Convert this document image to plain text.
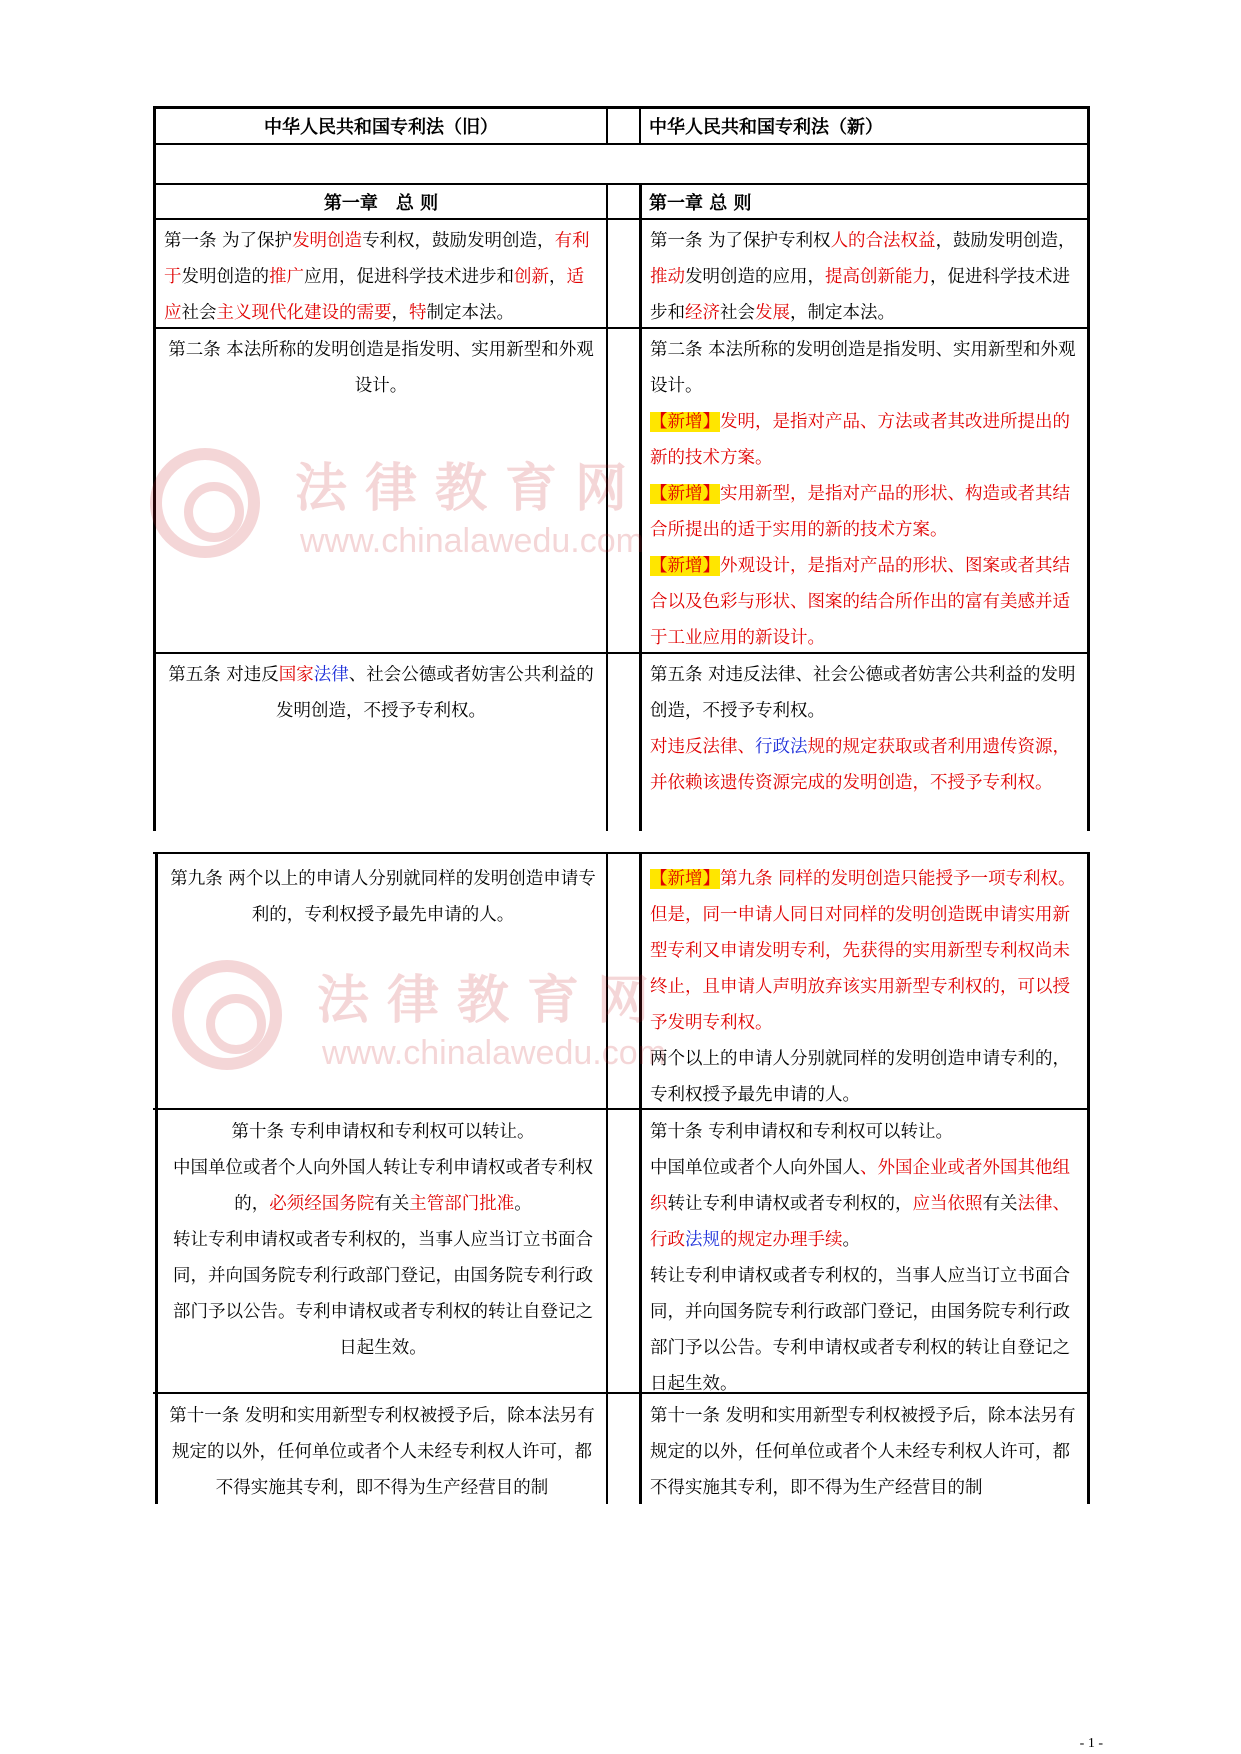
中华人民共和国专利法（旧）	中华人民共和国专利法（新）
第一章　总 则	第一章 总 则
第一条 为了保护发明创造专利权，鼓励发明创造，有利于发明创造的推广应用，促进科学技术进步和创新，适应社会主义现代化建设的需要，特制定本法。
第一条 为了保护专利权人的合法权益，鼓励发明创造，推动发明创造的应用，提高创新能力，促进科学技术进步和经济社会发展，制定本法。
第二条 本法所称的发明创造是指发明、实用新型和外观设计。
第二条 本法所称的发明创造是指发明、实用新型和外观设计。
【新增】发明，是指对产品、方法或者其改进所提出的新的技术方案。
【新增】实用新型，是指对产品的形状、构造或者其结合所提出的适于实用的新的技术方案。
【新增】外观设计，是指对产品的形状、图案或者其结合以及色彩与形状、图案的结合所作出的富有美感并适于工业应用的新设计。
第五条 对违反国家法律、社会公德或者妨害公共利益的发明创造，不授予专利权。
第五条 对违反法律、社会公德或者妨害公共利益的发明创造，不授予专利权。
对违反法律、行政法规的规定获取或者利用遗传资源，并依赖该遗传资源完成的发明创造，不授予专利权。
第九条 两个以上的申请人分别就同样的发明创造申请专利的，专利权授予最先申请的人。
【新增】第九条 同样的发明创造只能授予一项专利权。但是，同一申请人同日对同样的发明创造既申请实用新型专利又申请发明专利，先获得的实用新型专利权尚未终止，且申请人声明放弃该实用新型专利权的，可以授予发明专利权。
两个以上的申请人分别就同样的发明创造申请专利的，专利权授予最先申请的人。
第十条 专利申请权和专利权可以转让。
中国单位或者个人向外国人转让专利申请权或者专利权的，必须经国务院有关主管部门批准。
转让专利申请权或者专利权的，当事人应当订立书面合同，并向国务院专利行政部门登记，由国务院专利行政部门予以公告。专利申请权或者专利权的转让自登记之日起生效。
第十条 专利申请权和专利权可以转让。
中国单位或者个人向外国人、外国企业或者外国其他组织转让专利申请权或者专利权的，应当依照有关法律、行政法规的规定办理手续。
转让专利申请权或者专利权的，当事人应当订立书面合同，并向国务院专利行政部门登记，由国务院专利行政部门予以公告。专利申请权或者专利权的转让自登记之日起生效。
第十一条 发明和实用新型专利权被授予后，除本法另有规定的以外，任何单位或者个人未经专利权人许可，都不得实施其专利，即不得为生产经营目的制
第十一条 发明和实用新型专利权被授予后，除本法另有规定的以外，任何单位或者个人未经专利权人许可，都不得实施其专利，即不得为生产经营目的制
法律教育网
www.chinalawedu.com
法律教育网
www.chinalawedu.com
- 1 -
